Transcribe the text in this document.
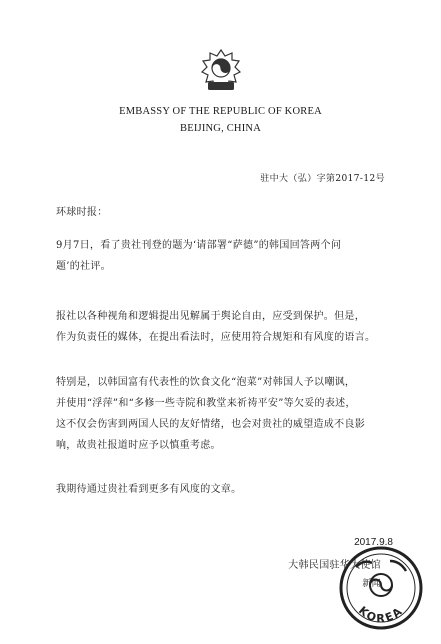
EMBASSY OF THE REPUBLIC OF KOREA
BEIJING, CHINA
驻中大（弘）字第2017-12号
环球时报：

9月7日，看了贵社刊登的题为‘请部署“萨德”的韩国回答两个问

题’的社评。

报社以各种视角和逻辑提出见解属于舆论自由，应受到保护。但是，

作为负责任的媒体，在提出看法时，应使用符合规矩和有风度的语言。

特别是，以韩国富有代表性的饮食文化“泡菜”对韩国人予以嘲讽，

并使用“浮萍”和“多修一些寺院和教堂来祈祷平安”等欠妥的表述，

这不仅会伤害到两国人民的友好情绪，也会对贵社的威望造成不良影

响，故贵社报道时应予以慎重考虑。

我期待通过贵社看到更多有风度的文章。

2017.9.8
大韩民国驻华大使馆
新闻
KOREA
